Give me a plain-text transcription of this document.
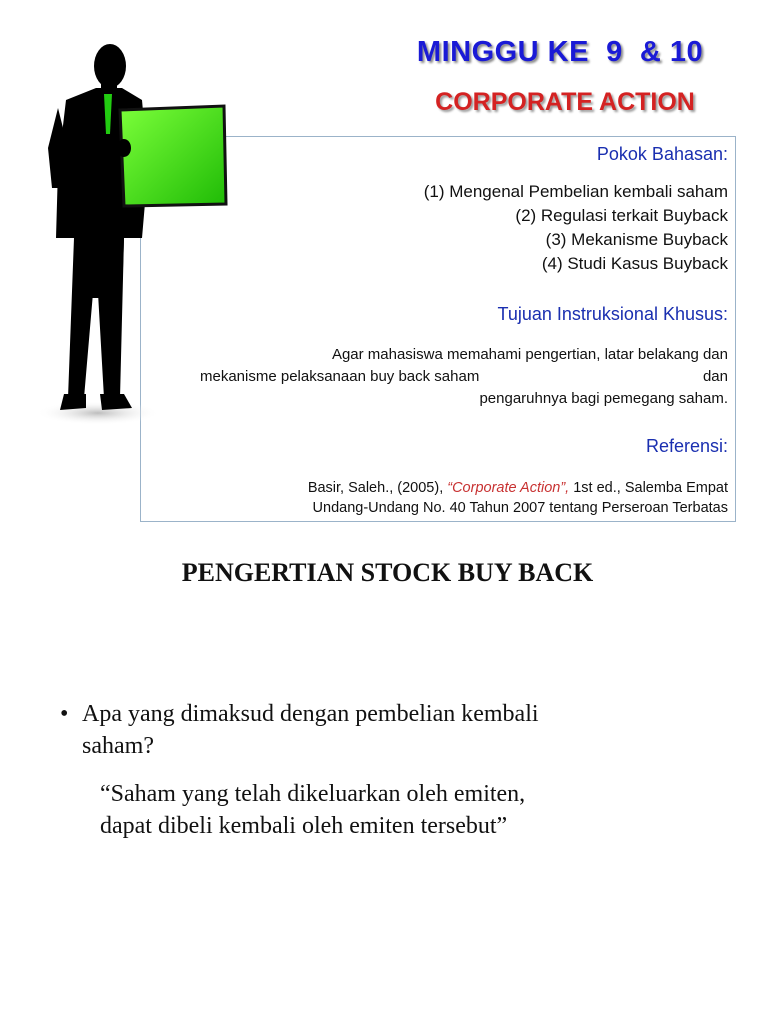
MINGGU KE  9  & 10
CORPORATE ACTION
Pokok Bahasan:
(1) Mengenal Pembelian kembali saham
(2) Regulasi terkait Buyback
(3) Mekanisme Buyback
(4) Studi Kasus Buyback
Tujuan Instruksional Khusus:
Agar mahasiswa memahami pengertian, latar belakang dan
mekanisme pelaksanaan buy back saham	dan
pengaruhnya bagi pemegang saham.
Referensi:
Basir, Saleh., (2005), “Corporate Action”, 1st ed., Salemba Empat
Undang-Undang No. 40 Tahun 2007 tentang Perseroan Terbatas
PENGERTIAN STOCK BUY BACK
• Apa yang dimaksud dengan pembelian kembali
saham?
“Saham yang telah dikeluarkan oleh emiten,
dapat dibeli kembali oleh emiten tersebut”
